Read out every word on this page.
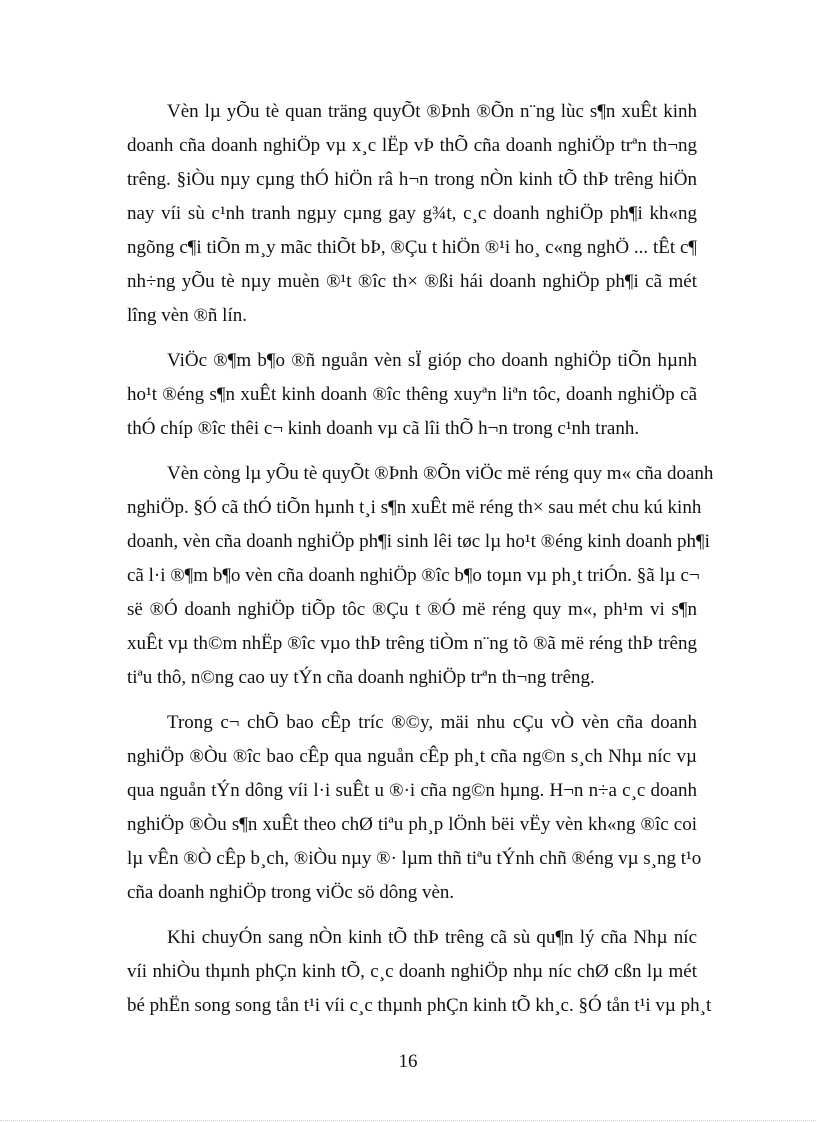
Vèn lµ yÕu tè quan träng quyÕt ®Þnh ®Õn n¨ng lùc s¶n xuÊt kinh
doanh cña doanh nghiÖp vµ x¸c lËp vÞ thÕ cña doanh nghiÖp trªn th¬ng
trêng. §iÒu nµy cµng thÓ hiÖn râ h¬n trong nÒn kinh tÕ thÞ trêng hiÖn
nay víi sù c¹nh tranh ngµy cµng gay g¾t, c¸c doanh nghiÖp ph¶i kh«ng
ngõng c¶i tiÕn m¸y mãc thiÕt bÞ, ®Çu t hiÖn ®¹i ho¸ c«ng nghÖ ... tÊt c¶
nh÷ng yÕu tè nµy muèn ®¹t ®îc th× ®ßi hái doanh nghiÖp ph¶i cã mét
lîng vèn ®ñ lín.

ViÖc ®¶m b¶o ®ñ nguån vèn sÏ gióp cho doanh nghiÖp tiÕn hµnh
ho¹t ®éng s¶n xuÊt kinh doanh ®îc thêng xuyªn liªn tôc, doanh nghiÖp cã
thÓ chíp ®îc thêi c¬ kinh doanh vµ cã lîi thÕ h¬n trong c¹nh tranh.

Vèn còng lµ yÕu tè quyÕt ®Þnh ®Õn viÖc më réng quy m« cña doanh
nghiÖp. §Ó cã thÓ tiÕn hµnh t¸i s¶n xuÊt më réng th× sau mét chu kú kinh
doanh, vèn cña doanh nghiÖp ph¶i sinh lêi tøc lµ ho¹t ®éng kinh doanh ph¶i
cã l·i ®¶m b¶o vèn cña doanh nghiÖp ®îc b¶o toµn vµ ph¸t triÓn. §ã lµ c¬
së ®Ó doanh nghiÖp tiÕp tôc ®Çu t ®Ó më réng quy m«, ph¹m vi s¶n
xuÊt vµ th©m nhËp ®îc vµo thÞ trêng tiÒm n¨ng tõ ®ã më réng thÞ trêng
tiªu thô, n©ng cao uy tÝn cña doanh nghiÖp trªn th¬ng trêng.

Trong c¬ chÕ bao cÊp tríc ®©y, mäi nhu cÇu vÒ vèn cña doanh
nghiÖp ®Òu ®îc bao cÊp qua nguån cÊp ph¸t cña ng©n s¸ch Nhµ níc vµ
qua nguån tÝn dông víi l·i suÊt u ®·i cña ng©n hµng. H¬n n÷a c¸c doanh
nghiÖp ®Òu s¶n xuÊt theo chØ tiªu ph¸p lÖnh bëi vËy vèn kh«ng ®îc coi
lµ vÊn ®Ò cÊp b¸ch, ®iÒu nµy ®· lµm thñ tiªu tÝnh chñ ®éng vµ s¸ng t¹o
cña doanh nghiÖp trong viÖc sö dông vèn.

Khi chuyÓn sang nÒn kinh tÕ thÞ trêng cã sù qu¶n lý cña Nhµ níc
víi nhiÒu thµnh phÇn kinh tÕ, c¸c doanh nghiÖp nhµ níc chØ cßn lµ mét
bé phËn song song tån t¹i víi c¸c thµnh phÇn kinh tÕ kh¸c. §Ó tån t¹i vµ ph¸t

16
